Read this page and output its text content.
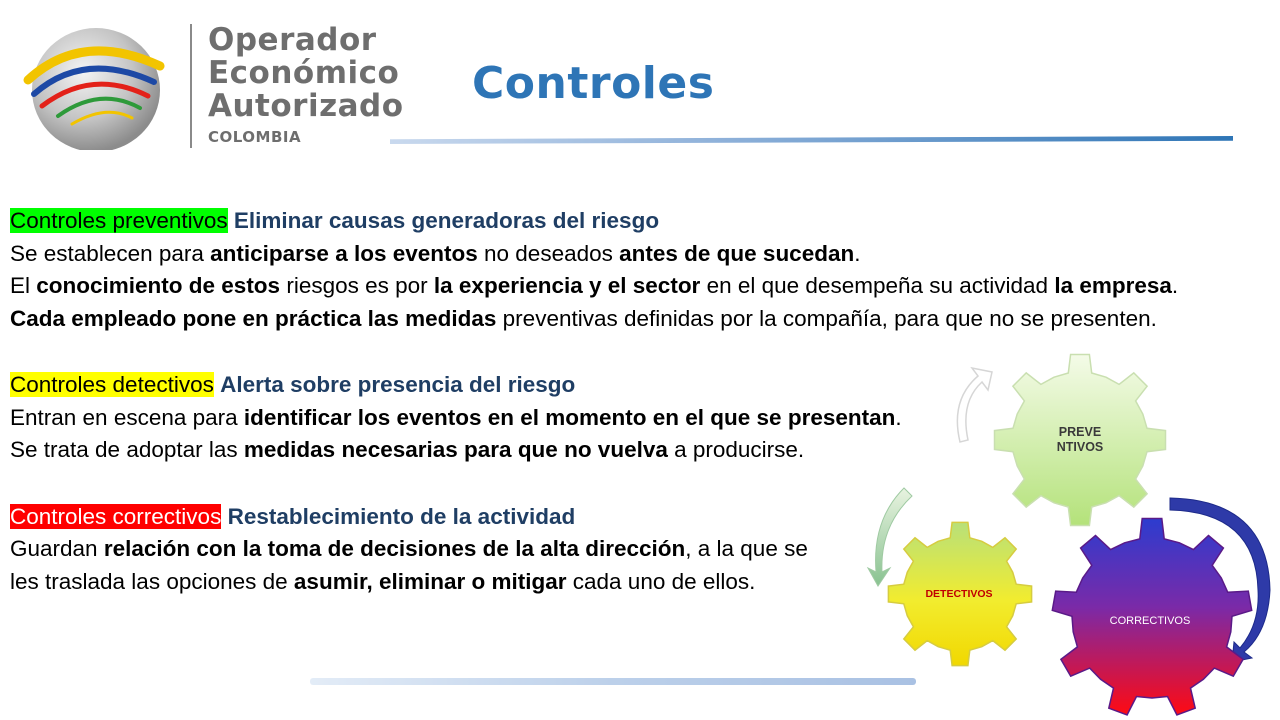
Operador
Económico
Autorizado
COLOMBIA
Controles
Controles preventivos Eliminar causas generadoras del riesgo
Se establecen para anticiparse a los eventos no deseados antes de que sucedan.
El conocimiento de estos riesgos es por la experiencia y el sector en el que desempeña su actividad la empresa.
Cada empleado pone en práctica las medidas preventivas definidas por la compañía, para que no se presenten.
Controles detectivos Alerta sobre presencia del riesgo
Entran en escena para identificar los eventos en el momento en el que se presentan.
Se trata de adoptar las medidas necesarias para que no vuelva a producirse.
Controles correctivos Restablecimiento de la actividad
Guardan relación con la toma de decisiones de la alta dirección, a la que se
les traslada las opciones de asumir, eliminar o mitigar cada uno de ellos.
PREVE
NTIVOS
DETECTIVOS
CORRECTIVOS
